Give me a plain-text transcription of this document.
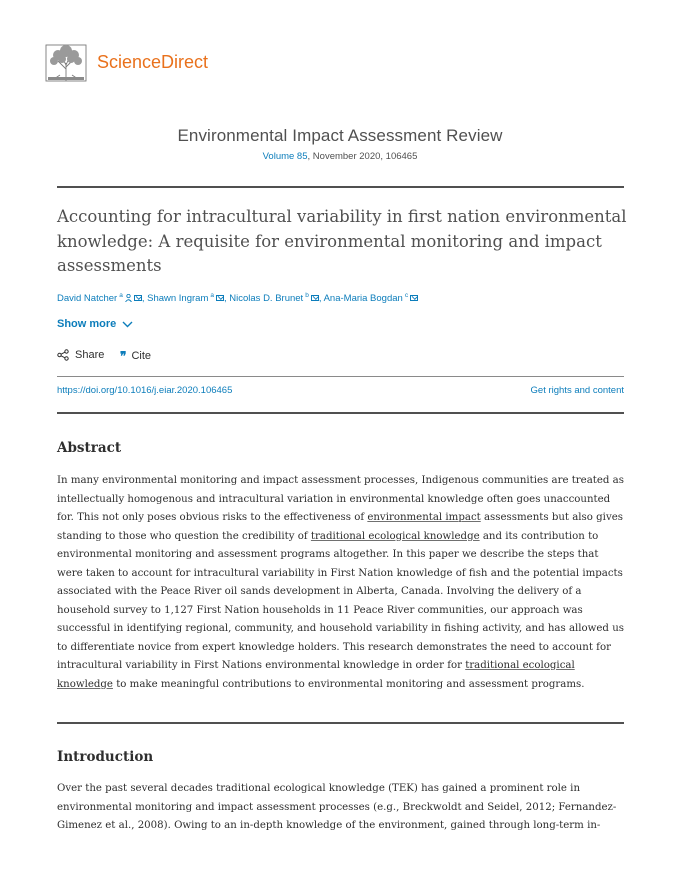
ScienceDirect
Environmental Impact Assessment Review
Volume 85, November 2020, 106465
Accounting for intracultural variability in first nation environmental knowledge: A requisite for environmental monitoring and impact assessments
David Natcher $^a$ , Shawn Ingram $^a$ , Nicolas D. Brunet $^b$ , Ana-Maria Bogdan $^c$
Show more
Share ❞ Cite
https://doi.org/10.1016/j.eiar.2020.106465	Get rights and content
Abstract
In many environmental monitoring and impact assessment processes, Indigenous communities are treated as intellectually homogenous and intracultural variation in environmental knowledge often goes unaccounted for. This not only poses obvious risks to the effectiveness of environmental impact assessments but also gives standing to those who question the credibility of traditional ecological knowledge and its contribution to environmental monitoring and assessment programs altogether. In this paper we describe the steps that were taken to account for intracultural variability in First Nation knowledge of fish and the potential impacts associated with the Peace River oil sands development in Alberta, Canada. Involving the delivery of a household survey to 1,127 First Nation households in 11 Peace River communities, our approach was successful in identifying regional, community, and household variability in fishing activity, and has allowed us to differentiate novice from expert knowledge holders. This research demonstrates the need to account for intracultural variability in First Nations environmental knowledge in order for traditional ecological knowledge to make meaningful contributions to environmental monitoring and assessment programs.
Introduction
Over the past several decades traditional ecological knowledge (TEK) has gained a prominent role in environmental monitoring and impact assessment processes (e.g., Breckwoldt and Seidel, 2012; Fernandez-Gimenez et al., 2008). Owing to an in-depth knowledge of the environment, gained through long-term in-
